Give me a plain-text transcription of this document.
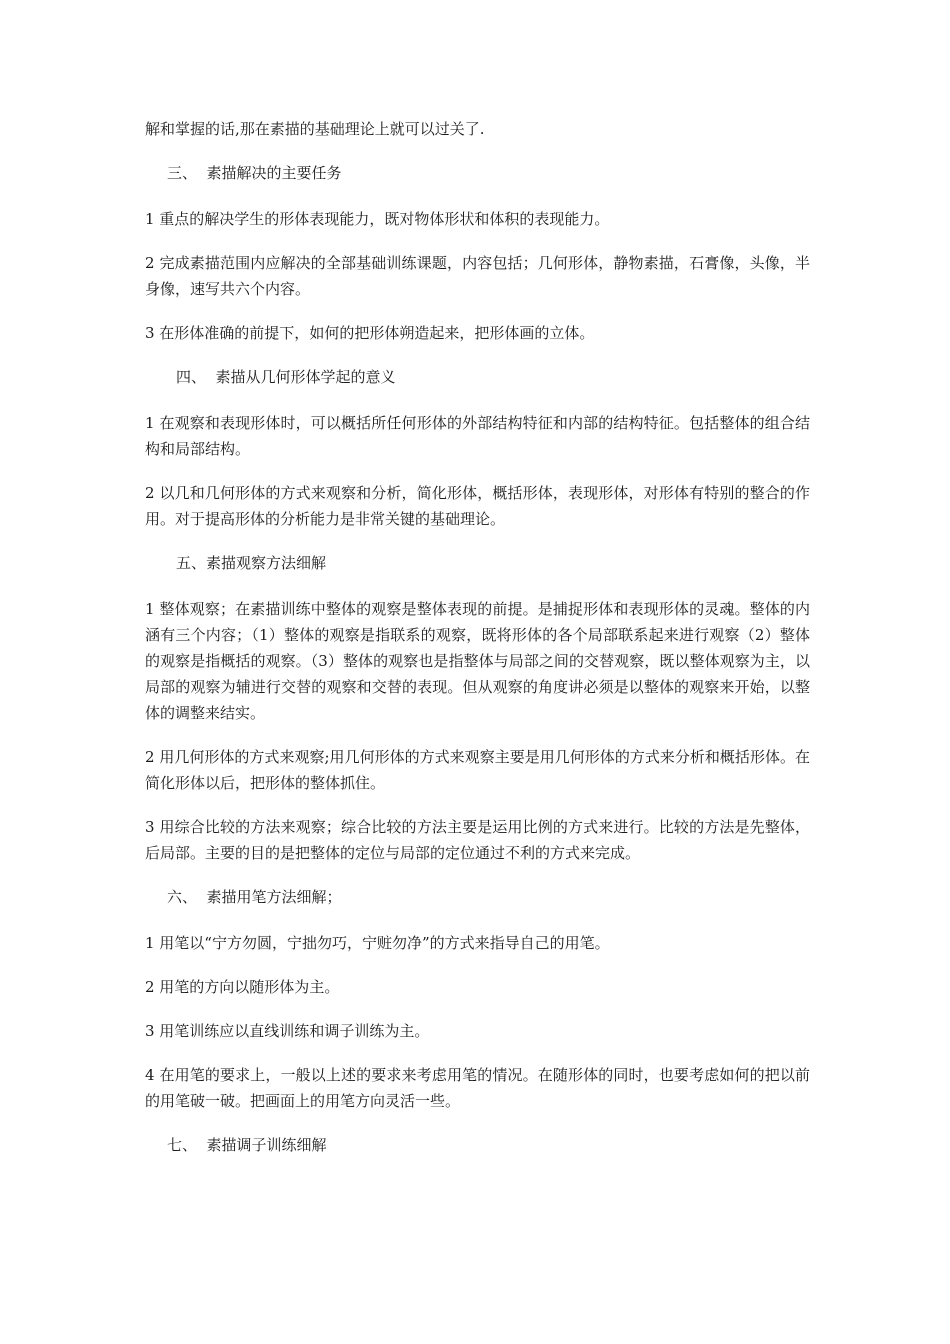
解和掌握的话,那在素描的基础理论上就可以过关了.

三、  素描解决的主要任务

1 重点的解决学生的形体表现能力，既对物体形状和体积的表现能力。

2 完成素描范围内应解决的全部基础训练课题，内容包括；几何形体，静物素描，石膏像，头像，半身像，速写共六个内容。

3 在形体准确的前提下，如何的把形体朔造起来，把形体画的立体。

四、  素描从几何形体学起的意义

1 在观察和表现形体时，可以概括所任何形体的外部结构特征和内部的结构特征。包括整体的组合结构和局部结构。

2 以几和几何形体的方式来观察和分析，简化形体，概括形体，表现形体，对形体有特别的整合的作用。对于提高形体的分析能力是非常关键的基础理论。

五、素描观察方法细解

1 整体观察；在素描训练中整体的观察是整体表现的前提。是捕捉形体和表现形体的灵魂。整体的内涵有三个内容；（1）整体的观察是指联系的观察，既将形体的各个局部联系起来进行观察（2）整体的观察是指概括的观察。（3）整体的观察也是指整体与局部之间的交替观察，既以整体观察为主，以局部的观察为辅进行交替的观察和交替的表现。但从观察的角度讲必须是以整体的观察来开始，以整体的调整来结实。

2 用几何形体的方式来观察;用几何形体的方式来观察主要是用几何形体的方式来分析和概括形体。在简化形体以后，把形体的整体抓住。

3 用综合比较的方法来观察；综合比较的方法主要是运用比例的方式来进行。比较的方法是先整体，后局部。主要的目的是把整体的定位与局部的定位通过不利的方式来完成。

六、  素描用笔方法细解；

1 用笔以“宁方勿圆，宁拙勿巧，宁赃勿净”的方式来指导自己的用笔。

2 用笔的方向以随形体为主。

3 用笔训练应以直线训练和调子训练为主。

4 在用笔的要求上，一般以上述的要求来考虑用笔的情况。在随形体的同时，也要考虑如何的把以前的用笔破一破。把画面上的用笔方向灵活一些。

七、  素描调子训练细解
